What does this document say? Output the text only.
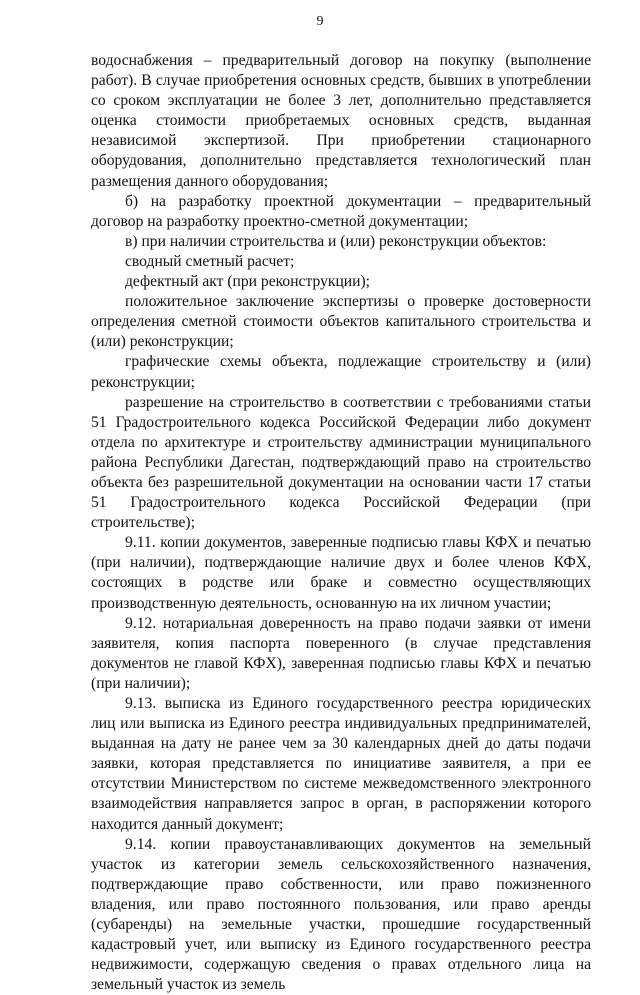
9

водоснабжения – предварительный договор на покупку (выполнение работ). В случае приобретения основных средств, бывших в употреблении со сроком эксплуатации не более 3 лет, дополнительно представляется оценка стоимости приобретаемых основных средств, выданная независимой экспертизой. При приобретении стационарного оборудования, дополнительно представляется технологический план размещения данного оборудования;

б) на разработку проектной документации – предварительный договор на разработку проектно-сметной документации;

в) при наличии строительства и (или) реконструкции объектов:

сводный сметный расчет;

дефектный акт (при реконструкции);

положительное заключение экспертизы о проверке достоверности определения сметной стоимости объектов капитального строительства и (или) реконструкции;

графические схемы объекта, подлежащие строительству и (или) реконструкции;

разрешение на строительство в соответствии с требованиями статьи 51 Градостроительного кодекса Российской Федерации либо документ отдела по архитектуре и строительству администрации муниципального района Республики Дагестан, подтверждающий право на строительство объекта без разрешительной документации на основании части 17 статьи 51 Градостроительного кодекса Российской Федерации (при строительстве);

9.11. копии документов, заверенные подписью главы КФХ и печатью (при наличии), подтверждающие наличие двух и более членов КФХ, состоящих в родстве или браке и совместно осуществляющих производственную деятельность, основанную на их личном участии;

9.12. нотариальная доверенность на право подачи заявки от имени заявителя, копия паспорта поверенного (в случае представления документов не главой КФХ), заверенная подписью главы КФХ и печатью (при наличии);

9.13. выписка из Единого государственного реестра юридических лиц или выписка из Единого реестра индивидуальных предпринимателей, выданная на дату не ранее чем за 30 календарных дней до даты подачи заявки, которая представляется по инициативе заявителя, а при ее отсутствии Министерством по системе межведомственного электронного взаимодействия направляется запрос в орган, в распоряжении которого находится данный документ;

9.14. копии правоустанавливающих документов на земельный участок из категории земель сельскохозяйственного назначения, подтверждающие право собственности, или право пожизненного владения, или право постоянного пользования, или право аренды (субаренды) на земельные участки, прошедшие государственный кадастровый учет, или выписку из Единого государственного реестра недвижимости, содержащую сведения о правах отдельного лица на земельный участок из земель
